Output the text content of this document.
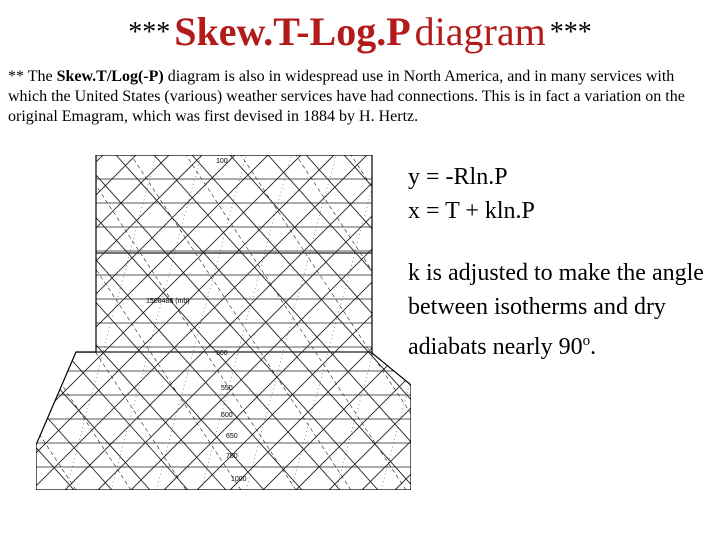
*** Skew.T-Log.P diagram ***
** The Skew.T/Log(-P) diagram is also in widespread use in North America, and in many services with which the United States (various) weather services have had connections. This is in fact a variation on the original Emagram, which was first devised in 1884 by H. Hertz.
100
500
550
600
650
700
1000
1508485 (mb)
y = -Rln.P
x = T + kln.P
k is adjusted to make the angle between isotherms and dry adiabats nearly 90$^o$.
